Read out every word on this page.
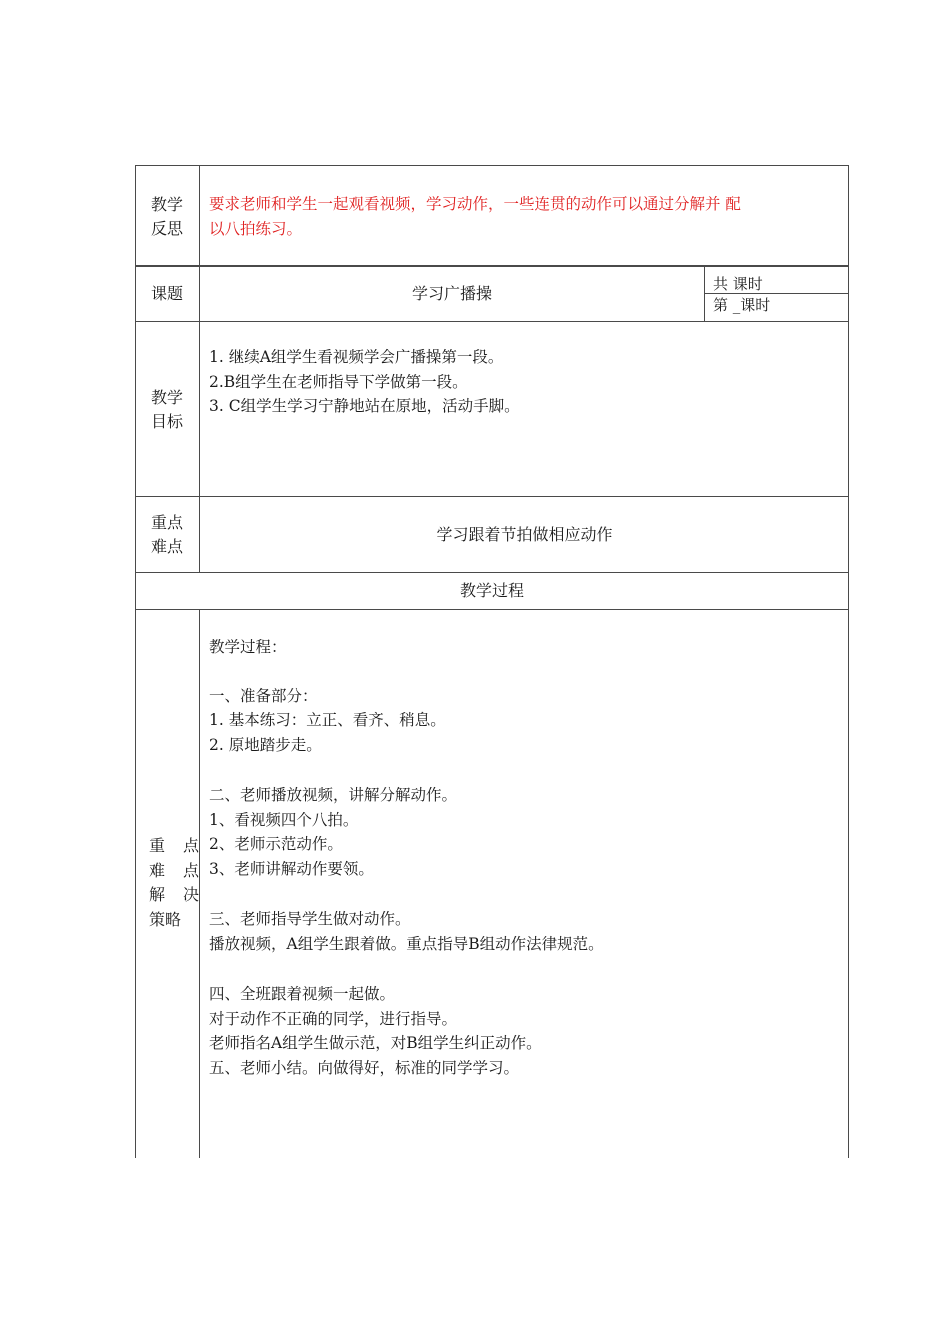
教学
反思
要求老师和学生一起观看视频，学习动作，一些连贯的动作可以通过分解并 配
以八拍练习。
课题	学习广播操	共 课时
第 _课时
教学
目标
1. 继续A组学生看视频学会广播操第一段。
2.B组学生在老师指导下学做第一段。
3. C组学生学习宁静地站在原地，活动手脚。
重点
难点
学习跟着节拍做相应动作
教学过程
重 点
难 点
解 决
策略
教学过程：
一、准备部分：
1. 基本练习：立正、看齐、稍息。
2. 原地踏步走。
二、老师播放视频，讲解分解动作。
1、看视频四个八拍。
2、老师示范动作。
3、老师讲解动作要领。
三、老师指导学生做对动作。
播放视频，A组学生跟着做。重点指导B组动作法律规范。
四、全班跟着视频一起做。
对于动作不正确的同学，进行指导。
老师指名A组学生做示范，对B组学生纠正动作。
五、老师小结。向做得好，标准的同学学习。
